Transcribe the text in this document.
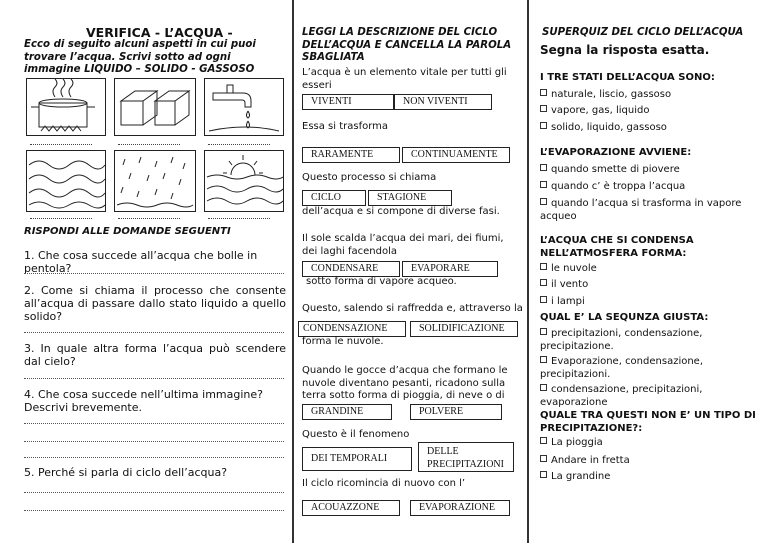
VERIFICA - L’ACQUA -
Ecco di seguito alcuni aspetti in cui puoi trovare l’acqua. Scrivi sotto ad ogni immagine LIQUIDO – SOLIDO - GASSOSO
RISPONDI ALLE DOMANDE SEGUENTI
1. Che cosa succede all’acqua che bolle in pentola?
2. Come si chiama il processo che consente all’acqua di passare dallo stato liquido a quello solido?
3. In quale altra forma l’acqua può scendere dal cielo?
4. Che cosa succede nell’ultima immagine? Descrivi brevemente.
5. Perché si parla di ciclo dell’acqua?
LEGGI LA DESCRIZIONE DEL CICLO DELL’ACQUA E CANCELLA LA PAROLA SBAGLIATA
L’acqua è un elemento vitale per tutti gli esseri
VIVENTI	NON VIVENTI
Essa si trasforma
RARAMENTE	CONTINUAMENTE
Questo processo si chiama
CICLO	STAGIONE
dell’acqua e si compone di diverse fasi.
Il sole scalda l’acqua dei mari, dei fiumi, dei laghi facendola
CONDENSARE	EVAPORARE
sotto forma di vapore acqueo.
Questo, salendo si raffredda e, attraverso la
CONDENSAZIONE	SOLIDIFICAZIONE
forma le nuvole.
Quando le gocce d’acqua che formano le nuvole diventano pesanti, ricadono sulla terra sotto forma di pioggia, di neve o di
GRANDINE	POLVERE
Questo è il fenomeno
DEI TEMPORALI
DELLE PRECIPITAZIONI
Il ciclo ricomincia di nuovo con l’
ACOUAZZONE	EVAPORAZIONE
SUPERQUIZ DEL CICLO DELL’ACQUA
Segna la risposta esatta.
I TRE STATI DELL’ACQUA SONO:
naturale, liscio, gassoso
vapore, gas, liquido
solido, liquido, gassoso
L’EVAPORAZIONE AVVIENE:
quando smette di piovere
quando c’ è troppa l’acqua
quando l’acqua si trasforma in vapore acqueo
L’ACQUA CHE SI CONDENSA NELL’ATMOSFERA FORMA:
le nuvole
il vento
i lampi
QUAL E’ LA SEQUNZA GIUSTA:
precipitazioni, condensazione, precipitazione.
Evaporazione, condensazione, precipitazioni.
condensazione, precipitazioni, evaporazione
QUALE TRA QUESTI NON E’ UN TIPO DI PRECIPITAZIONE?:
La pioggia
Andare in fretta
La grandine
